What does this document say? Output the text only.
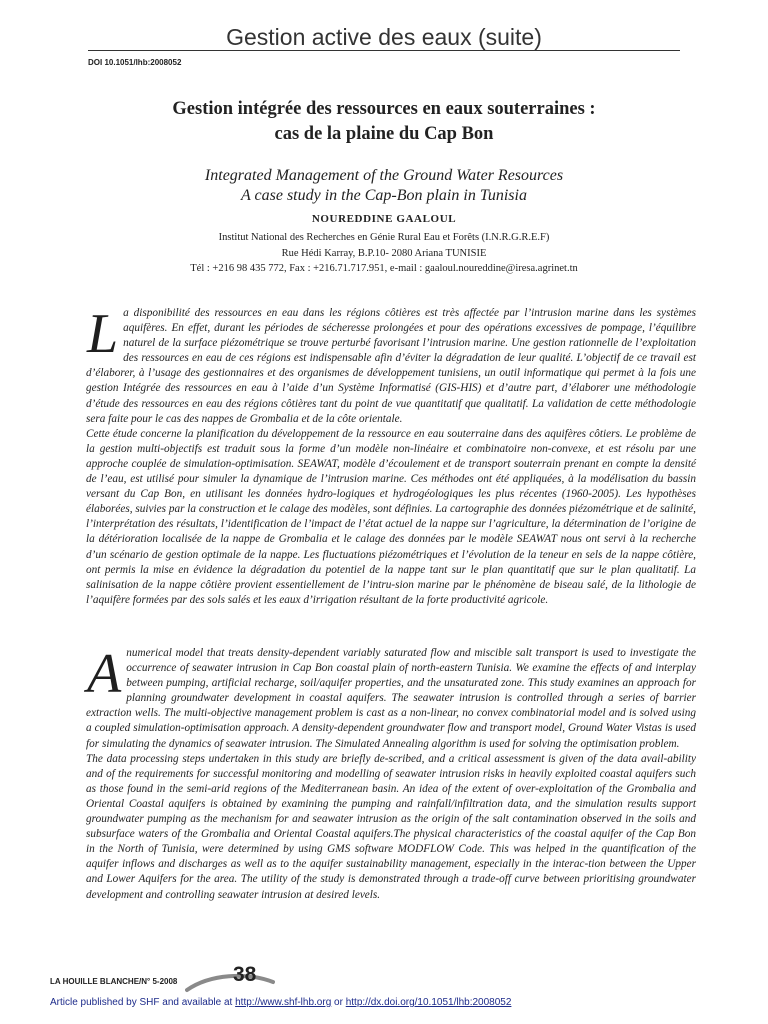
Gestion active des eaux (suite)
DOI 10.1051/lhb:2008052
Gestion intégrée des ressources en eaux souterraines :
cas de la plaine du Cap Bon
Integrated Management of the Ground Water Resources
A case study in the Cap-Bon plain in Tunisia
NOUREDDINE GAALOUL
Institut National des Recherches en Génie Rural Eau et Forêts (I.N.R.G.R.E.F)
Rue Hédi Karray, B.P.10- 2080 Ariana TUNISIE
Tél : +216 98 435 772, Fax : +216.71.717.951, e-mail : gaaloul.noureddine@iresa.agrinet.tn
L a disponibilité des ressources en eau dans les régions côtières est très affectée par l’intrusion marine dans les systèmes aquifères. En effet, durant les périodes de sécheresse prolongées et pour des opérations excessives de pompage, l’équilibre naturel de la surface piézométrique se trouve perturbé favorisant l’intrusion marine. Une gestion rationnelle de l’exploitation des ressources en eau de ces régions est indispensable afin d’éviter la dégradation de leur qualité. L’objectif de ce travail est d’élaborer, à l’usage des gestionnaires et des organismes de développement tunisiens, un outil informatique qui permet à la fois une gestion Intégrée des ressources en eau à l’aide d’un Système Informatisé (GIS-HIS) et d’autre part, d’élaborer une méthodologie d’étude des ressources en eau des régions côtières tant du point de vue quantitatif que qualitatif. La validation de cette méthodologie sera faite pour le cas des nappes de Grombalia et de la côte orientale.

Cette étude concerne la planification du développement de la ressource en eau souterraine dans des aquifères côtiers. Le problème de la gestion multi-objectifs est traduit sous la forme d’un modèle non-linéaire et combinatoire non-convexe, et est résolu par une approche couplée de simulation-optimisation. SEAWAT, modèle d’écoulement et de transport souterrain prenant en compte la densité de l’eau, est utilisé pour simuler la dynamique de l’intrusion marine. Ces méthodes ont été appliquées, à la modélisation du bassin versant du Cap Bon, en utilisant les données hydro-logiques et hydrogéologiques les plus récentes (1960-2005). Les hypothèses élaborées, suivies par la construction et le calage des modèles, sont définies. La cartographie des données piézométrique et de salinité, l’interprétation des résultats, l’identification de l’impact de l’état actuel de la nappe sur l’agriculture, la détermination de l’origine de la détérioration localisée de la nappe de Grombalia et le calage des données par le modèle SEAWAT nous ont servi à la recherche d’un scénario de gestion optimale de la nappe. Les fluctuations piézométriques et l’évolution de la teneur en sels de la nappe côtière, ont permis la mise en évidence la dégradation du potentiel de la nappe tant sur le plan quantitatif que sur le plan qualitatif. La salinisation de la nappe côtière provient essentiellement de l’intru-sion marine par le phénomène de biseau salé, de la lithologie de l’aquifère formées par des sols salés et les eaux d’irrigation résultant de la forte productivité agricole.

A numerical model that treats density-dependent variably saturated flow and miscible salt transport is used to investigate the occurrence of seawater intrusion in Cap Bon coastal plain of north-eastern Tunisia. We examine the effects of and interplay between pumping, artificial recharge, soil/aquifer properties, and the unsaturated zone. This study examines an approach for planning groundwater development in coastal aquifers. The seawater intrusion is controlled through a series of barrier extraction wells. The multi-objective management problem is cast as a non-linear, no convex combinatorial model and is solved using a coupled simulation-optimisation approach. A density-dependent groundwater flow and transport model, Ground Water Vistas is used for simulating the dynamics of seawater intrusion. The Simulated Annealing algorithm is used for solving the optimisation problem.

The data processing steps undertaken in this study are briefly de-scribed, and a critical assessment is given of the data avail-ability and of the requirements for successful monitoring and modelling of seawater intrusion risks in heavily exploited coastal aquifers such as those found in the semi-arid regions of the Mediterranean basin. An idea of the extent of over-exploitation of the Grombalia and Oriental Coastal aquifers is obtained by examining the pumping and rainfall/infiltration data, and the simulation results support groundwater pumping as the mechanism for and seawater intrusion as the origin of the salt contamination observed in the soils and subsurface waters of the Grombalia and Oriental Coastal aquifers.The physical characteristics of the coastal aquifer of the Cap Bon in the North of Tunisia, were determined by using GMS software MODFLOW Code. This was helped in the quantification of the aquifer inflows and discharges as well as to the aquifer sustainability management, especially in the interac-tion between the Upper and Lower Aquifers for the area. The utility of the study is demonstrated through a trade-off curve between prioritising groundwater development and controlling seawater intrusion at desired levels.

LA HOUILLE BLANCHE/N° 5-2008	38
Article published by SHF and available at http://www.shf-lhb.org or http://dx.doi.org/10.1051/lhb:2008052
